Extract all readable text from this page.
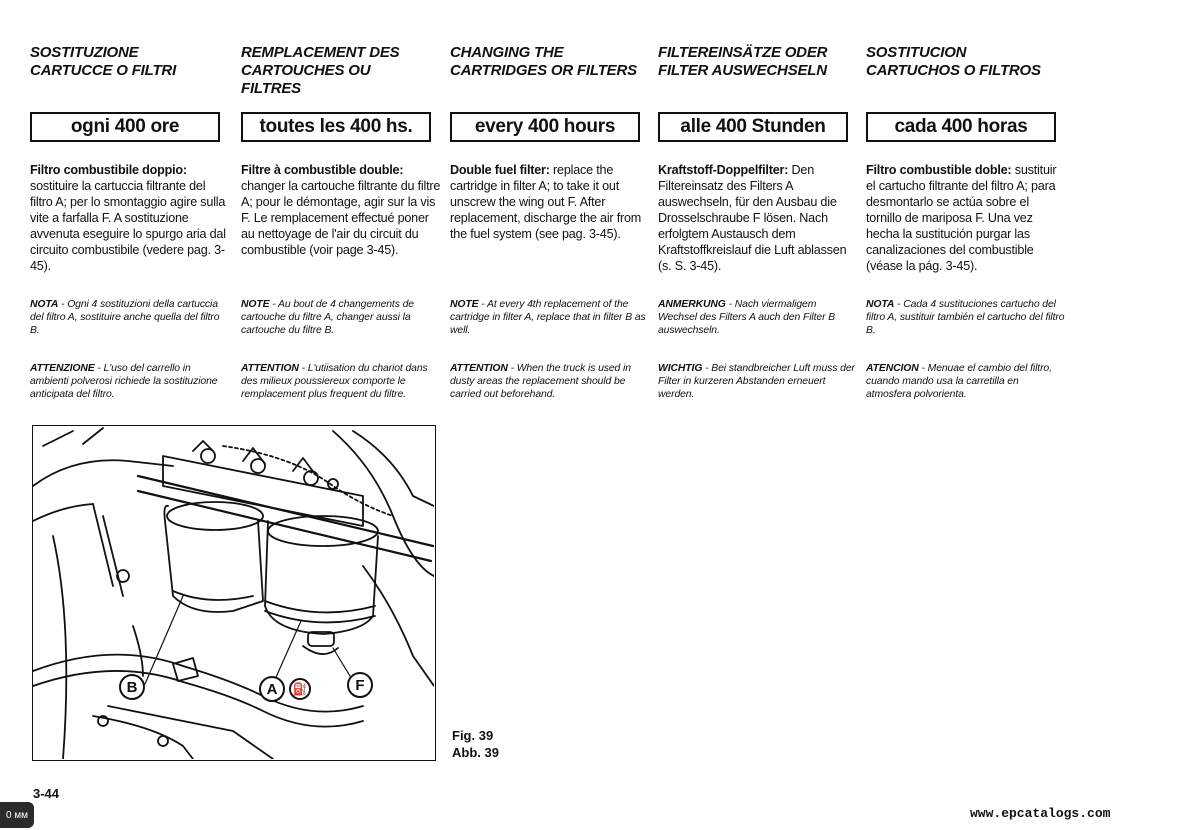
SOSTITUZIONE
CARTUCCE O FILTRI
ogni 400 ore
Filtro combustibile doppio: sostituire la cartuccia filtrante del filtro A; per lo smontaggio agire sulla vite a farfalla F. A sostituzione avvenuta eseguire lo spurgo aria dal circuito combustibile (vedere pag. 3-45).
NOTA - Ogni 4 sostituzioni della cartuccia del filtro A, sostituire anche quella del filtro B.
ATTENZIONE - L'uso del carrello in ambienti polverosi richiede la sostituzione anticipata del filtro.
REMPLACEMENT DES
CARTOUCHES OU
FILTRES
toutes les 400 hs.
Filtre à combustible double: changer la cartouche filtrante du filtre A; pour le démontage, agir sur la vis F. Le remplacement effectué poner au nettoyage de l'air du circuit du combustible (voir page 3-45).
NOTE - Au bout de 4 changements de cartouche du filtre A, changer aussi la cartouche du filtre B.
ATTENTION - L'utiisation du chariot dans des milieux poussiereux comporte le remplacement plus frequent du filtre.
CHANGING THE
CARTRIDGES OR FILTERS
every 400 hours
Double fuel filter: replace the cartridge in filter A; to take it out unscrew the wing out F. After replacement, discharge the air from the fuel system (see pag. 3-45).
NOTE - At every 4th replacement of the cartridge in filter A, replace that in filter B as well.
ATTENTION - When the truck is used in dusty areas the replacement should be carried out beforehand.
FILTEREINSÄTZE ODER
FILTER AUSWECHSELN
alle 400 Stunden
Kraftstoff-Doppelfilter: Den Filtereinsatz des Filters A auswechseln, für den Ausbau die Drosselschraube F lösen. Nach erfolgtem Austausch dem Kraftstoffkreislauf die Luft ablassen (s. S. 3-45).
ANMERKUNG - Nach viermaligem Wechsel des Filters A auch den Filter B auswechseln.
WICHTIG - Bei standbreicher Luft muss der Filter in kurzeren Abstanden erneuert werden.
SOSTITUCION
CARTUCHOS O FILTROS
cada 400 horas
Filtro combustible doble: sustituir el cartucho filtrante del filtro A; para desmontarlo se actúa sobre el tornillo de mariposa F. Una vez hecha la sustitución purgar las canalizaciones del combustible (véase la pág. 3-45).
NOTA - Cada 4 sustituciones cartucho del filtro A, sustituir también el cartucho del filtro B.
ATENCION - Menuae el cambio del filtro, cuando mando usa la carretilla en atmosfera polvorienta.
B	A ⛽	F
Fig. 39
Abb. 39
3-44
www.epcatalogs.com
0 мм
